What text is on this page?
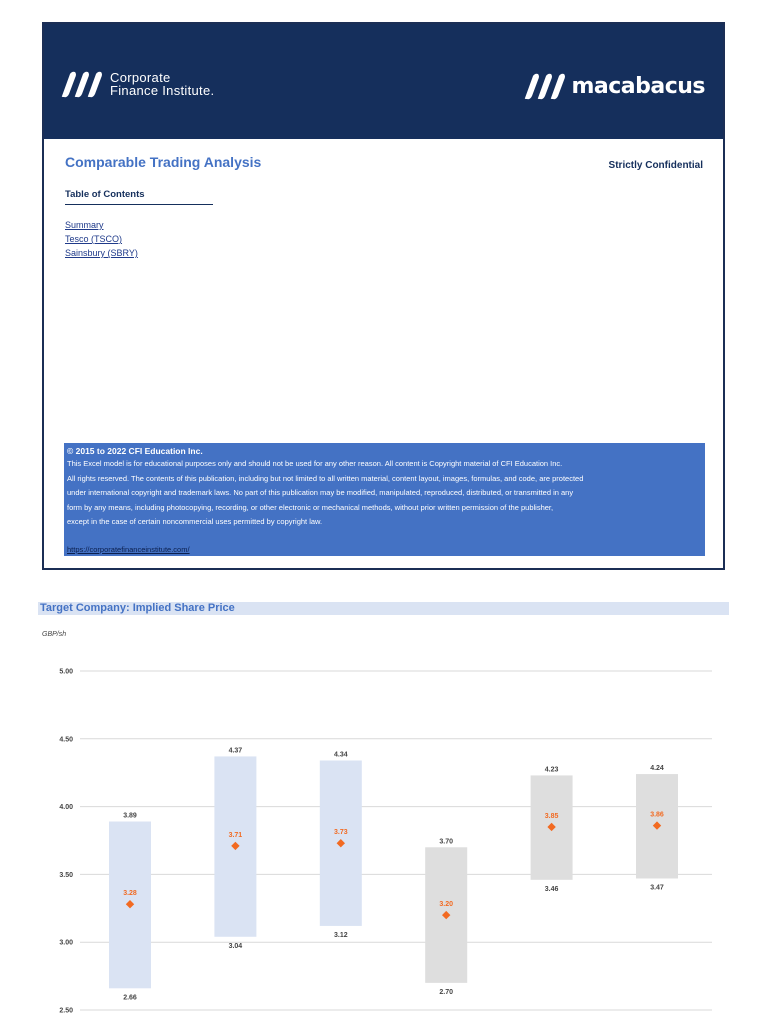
Corporate
Finance Institute.	macabacus
Comparable Trading Analysis	Strictly Confidential
Table of Contents
Summary
Tesco (TSCO)
Sainsbury (SBRY)
© 2015 to 2022 CFI Education Inc.
This Excel model is for educational purposes only and should not be used for any other reason. All content is Copyright material of CFI Education Inc.
All rights reserved. The contents of this publication, including but not limited to all written material, content layout, images, formulas, and code, are protected
under international copyright and trademark laws. No part of this publication may be modified, manipulated, reproduced, distributed, or transmitted in any
form by any means, including photocopying, recording, or other electronic or mechanical methods, without prior written permission of the publisher,
except in the case of certain noncommercial uses permitted by copyright law.
https://corporatefinanceinstitute.com/
Target Company: Implied Share Price
GBP/sh
5.00
4.50
4.00
3.50
3.00
2.50
3.89
2.66
3.28
4.37
3.04
3.71
4.34
3.12
3.73
3.70
2.70
3.20
4.23
3.46
3.85
4.24
3.47
3.86
